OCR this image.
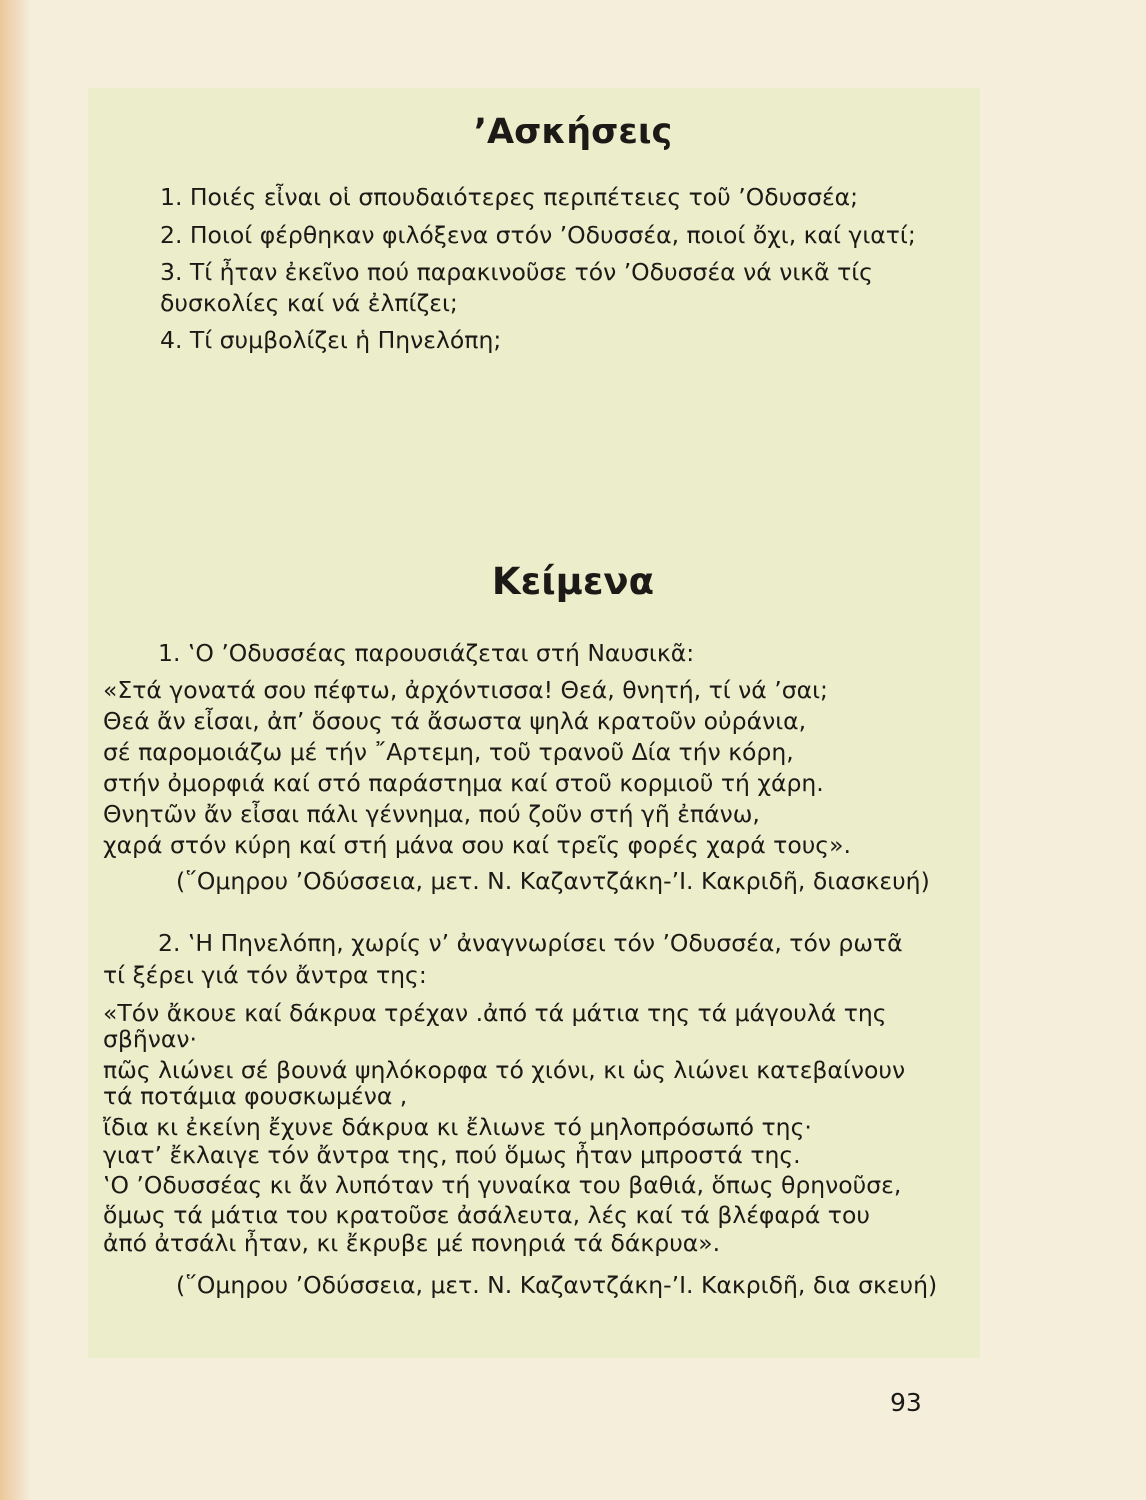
’Ασκήσεις
1. Ποιές εἶναι οἱ σπουδαιότερες περιπέτειες τοῦ ’Οδυσσέα;
2. Ποιοί φέρθηκαν φιλόξενα στόν ’Οδυσσέα, ποιοί ὄχι, καί γιατί;
3. Τί ἦταν ἐκεῖνο πού παρακινοῦσε τόν ’Οδυσσέα νά νικᾶ τίς
δυσκολίες καί νά ἐλπίζει;
4. Τί συμβολίζει ἡ Πηνελόπη;
Κείμενα
1. ‛Ο ’Οδυσσέας παρουσιάζεται στή Ναυσικᾶ:
«Στά γονατά σου πέφτω, ἀρχόντισσα! Θεά, θνητή, τί νά ’σαι;
Θεά ἄν εἶσαι, ἀπ’ ὅσους τά ἄσωστα ψηλά κρατοῦν οὐράνια,
σέ παρομοιάζω μέ τήν ῎Αρτεμη, τοῦ τρανοῦ Δία τήν κόρη,
στήν ὀμορφιά καί στό παράστημα καί στοῦ κορμιοῦ τή χάρη.
Θνητῶν ἄν εἶσαι πάλι γέννημα, πού ζοῦν στή γῆ ἐπάνω,
χαρά στόν κύρη καί στή μάνα σου καί τρεῖς φορές χαρά τους».
(῞Ομηρου ’Οδύσσεια, μετ. Ν. Καζαντζάκη-’Ι. Κακριδῆ, διασκευή)
2. ‛Η Πηνελόπη, χωρίς ν’ ἀναγνωρίσει τόν ’Οδυσσέα, τόν ρωτᾶ
τί ξέρει γιά τόν ἄντρα της:
«Τόν ἄκουε καί δάκρυα τρέχαν .ἀπό τά μάτια της τά μάγουλά της
σβῆναν·
πῶς λιώνει σέ βουνά ψηλόκορφα τό χιόνι, κι ὡς λιώνει κατεβαίνουν
τά ποτάμια φουσκωμένα ,
ἴδια κι ἐκείνη ἔχυνε δάκρυα κι ἔλιωνε τό μηλοπρόσωπό της·
γιατ’ ἔκλαιγε τόν ἄντρα της, πού ὅμως ἦταν μπροστά της.
‛Ο ’Οδυσσέας κι ἄν λυπόταν τή γυναίκα του βαθιά, ὅπως θρηνοῦσε,
ὅμως τά μάτια του κρατοῦσε ἀσάλευτα, λές καί τά βλέφαρά του
ἀπό ἀτσάλι ἦταν, κι ἔκρυβε μέ πονηριά τά δάκρυα».
(῞Ομηρου ’Οδύσσεια, μετ. Ν. Καζαντζάκη-’Ι. Κακριδῆ, δια σκευή)
93
